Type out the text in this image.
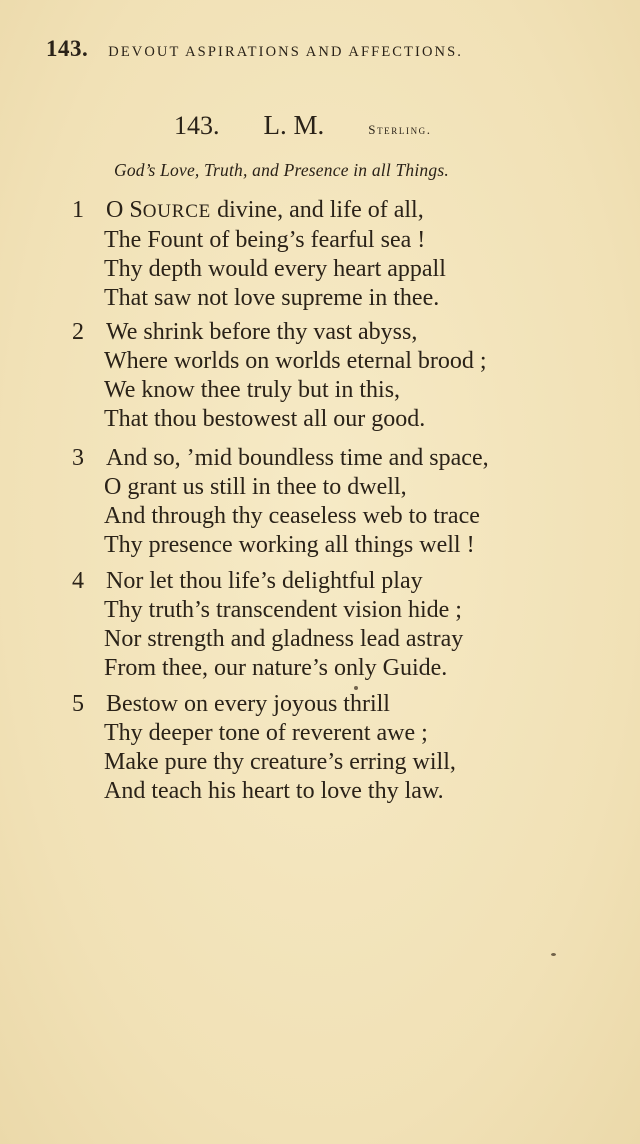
143. DEVOUT ASPIRATIONS AND AFFECTIONS.
143. L. M.	Sterling.
God’s Love, Truth, and Presence in all Things.
1 O SOURCE divine, and life of all,
The Fount of being’s fearful sea !
Thy depth would every heart appall
That saw not love supreme in thee.
2 We shrink before thy vast abyss,
Where worlds on worlds eternal brood ;
We know thee truly but in this,
That thou bestowest all our good.
3 And so, ’mid boundless time and space,
O grant us still in thee to dwell,
And through thy ceaseless web to trace
Thy presence working all things well !
4 Nor let thou life’s delightful play
Thy truth’s transcendent vision hide ;
Nor strength and gladness lead astray
From thee, our nature’s only Guide.
5 Bestow on every joyous thrill
Thy deeper tone of reverent awe ;
Make pure thy creature’s erring will,
And teach his heart to love thy law.
